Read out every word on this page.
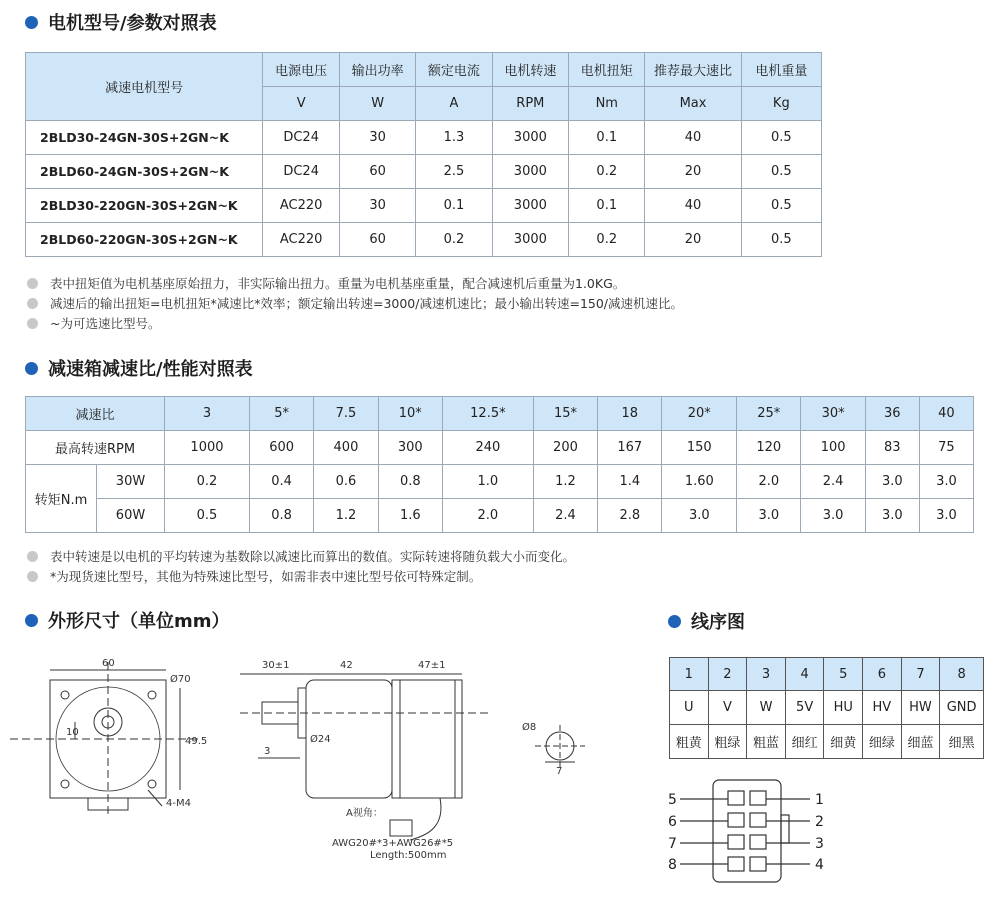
电机型号/参数对照表
减速电机型号	电源电压	输出功率	额定电流	电机转速	电机扭矩	推荐最大速比	电机重量
	V	W	A	RPM	Nm	Max	Kg
2BLD30-24GN-30S+2GN~K	DC24	30	1.3	3000	0.1	40	0.5
2BLD60-24GN-30S+2GN~K	DC24	60	2.5	3000	0.2	20	0.5
2BLD30-220GN-30S+2GN~K	AC220	30	0.1	3000	0.1	40	0.5
2BLD60-220GN-30S+2GN~K	AC220	60	0.2	3000	0.2	20	0.5
表中扭矩值为电机基座原始扭力，非实际输出扭力。重量为电机基座重量，配合减速机后重量为1.0KG。
减速后的输出扭矩=电机扭矩*减速比*效率；额定输出转速=3000/减速机速比；最小输出转速=150/减速机速比。
~为可选速比型号。
减速箱减速比/性能对照表
减速比		3	5*	7.5	10*	12.5*	15*	18	20*	25*	30*	36	40
最高转速RPM		1000	600	400	300	240	200	167	150	120	100	83	75
转矩N.m	30W	0.2	0.4	0.6	0.8	1.0	1.2	1.4	1.60	2.0	2.4	3.0	3.0
	60W	0.5	0.8	1.2	1.6	2.0	2.4	2.8	3.0	3.0	3.0	3.0	3.0
表中转速是以电机的平均转速为基数除以减速比而算出的数值。实际转速将随负载大小而变化。
*为现货速比型号，其他为特殊速比型号，如需非表中速比型号依可特殊定制。
外形尺寸（单位mm）	线序图
60
Ø70
49.5
10
4-M4
30±1	42	47±1
Ø24
3
Ø8
7
A视角：
AWG20#*3+AWG26#*5
Length:500mm
1	2	3	4	5	6	7	8
U	V	W	5V	HU	HV	HW	GND
粗黄	粗绿	粗蓝	细红	细黄	细绿	细蓝	细黑
5
6
7
8
1
2
3
4
